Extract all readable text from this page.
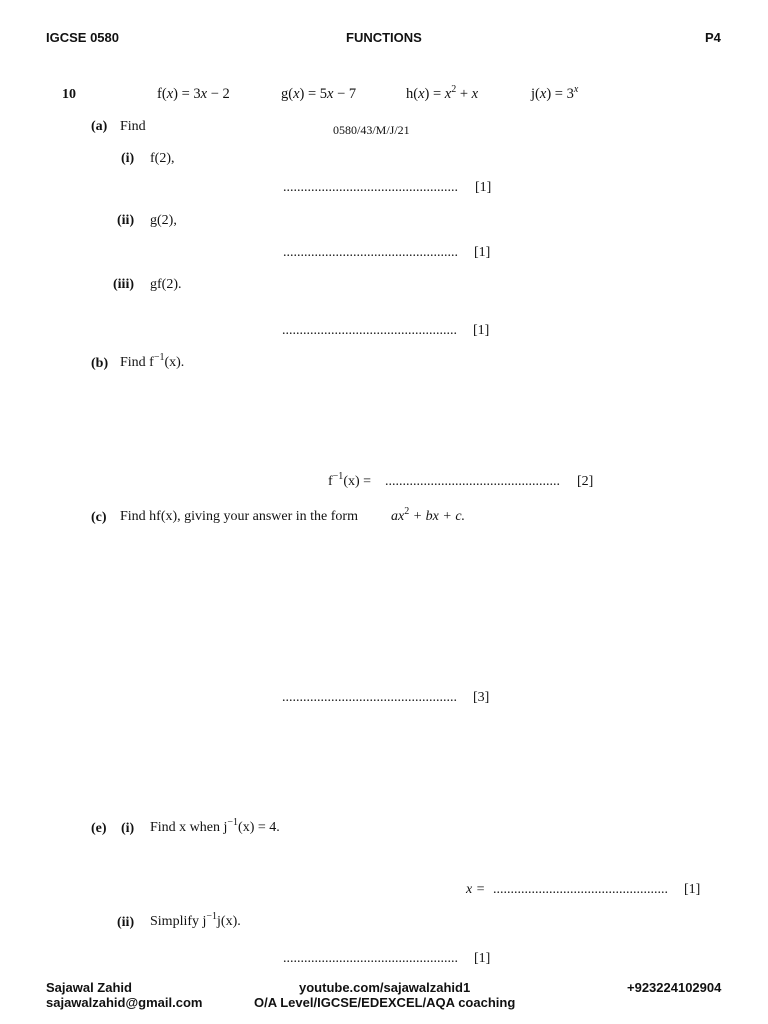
IGCSE 0580	FUNCTIONS	P4
10	f(x) = 3x − 2	g(x) = 5x − 7	$h(x) = x^2 + x$	$j(x) = 3^x$
(a) Find	0580/43/M/J/21
(i) f(2),
.................................................. [1]
(ii) g(2),
.................................................. [1]
(iii) gf(2).
.................................................. [1]
(b) Find $f^{-1}(x)$.
$f^{-1}(x)$ = .................................................. [2]
(c) Find hf(x), giving your answer in the form $ax^2$ + bx + c.
.................................................. [3]
(e) (i) Find x when $j^{-1}(x) = 4$.
x = .................................................. [1]
(ii) Simplify $j^{-1}j(x)$.
.................................................. [1]
Sajawal Zahid
sajawalzahid@gmail.com
youtube.com/sajawalzahid1
O/A Level/IGCSE/EDEXCEL/AQA coaching
+923224102904
